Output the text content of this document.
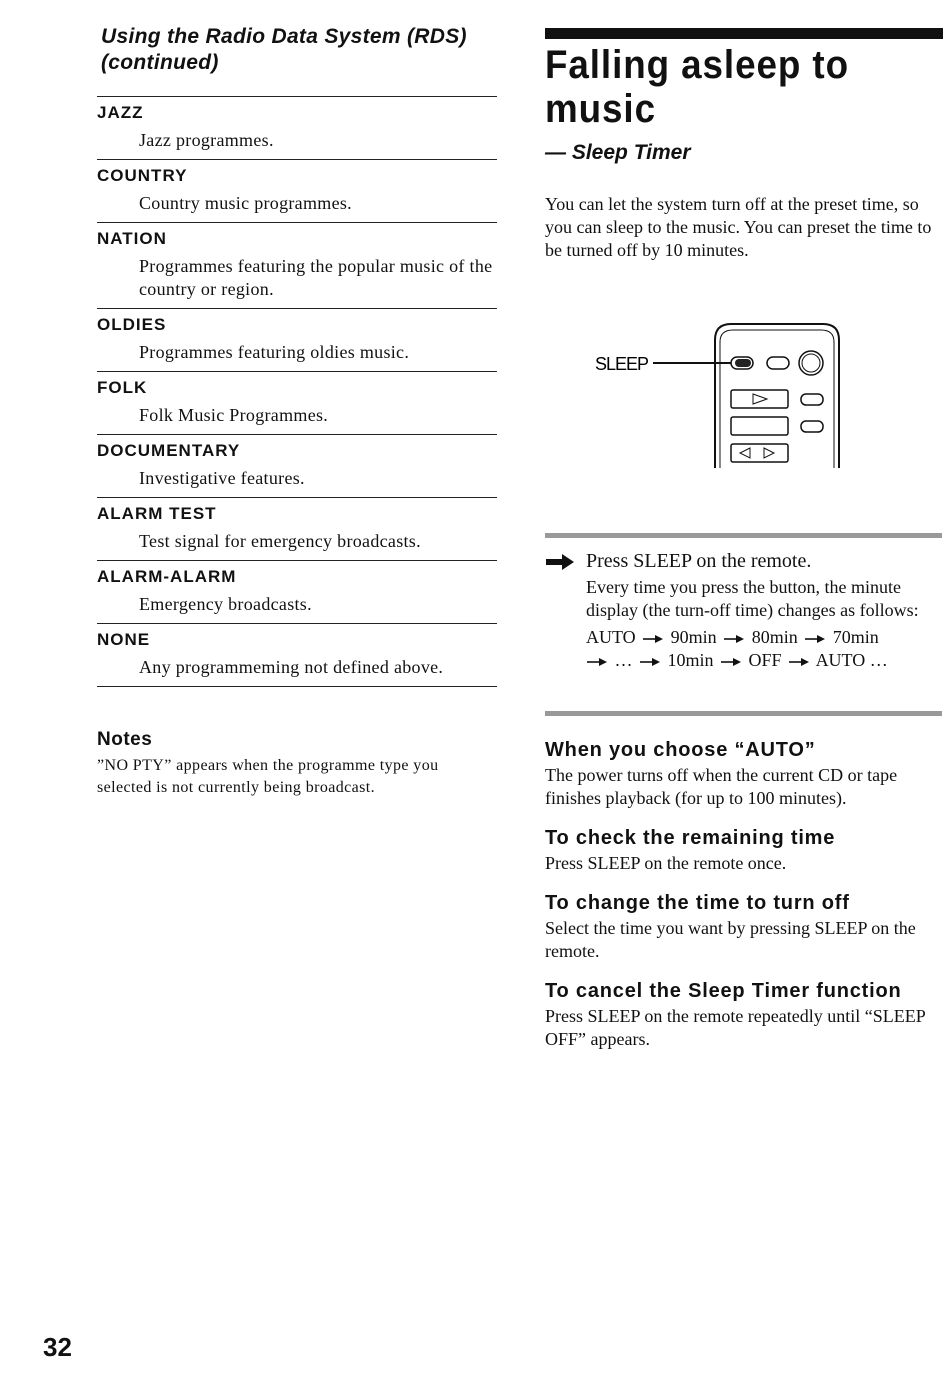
Using the Radio Data System (RDS) (continued)
JAZZ
Jazz programmes.
COUNTRY
Country music programmes.
NATION
Programmes featuring the popular music of the country or region.
OLDIES
Programmes featuring oldies music.
FOLK
Folk Music Programmes.
DOCUMENTARY
Investigative features.
ALARM TEST
Test signal for emergency broadcasts.
ALARM-ALARM
Emergency broadcasts.
NONE
Any programmeming not defined above.
Notes
”NO PTY” appears when the programme type you selected is not currently being broadcast.
Falling asleep to music
— Sleep Timer
You can let the system turn off at the preset time, so you can sleep to the music. You can preset the time to be turned off by 10 minutes.
SLEEP
Press SLEEP on the remote.
Every time you press the button, the minute display (the turn-off time) changes as follows:
AUTO 90min 80min 70min
… 10min OFF AUTO …
When you choose “AUTO”
The power turns off when the current CD or tape finishes playback (for up to 100 minutes).
To check the remaining time
Press SLEEP on the remote once.
To change the time to turn off
Select the time you want by pressing SLEEP on the remote.
To cancel the Sleep Timer function
Press SLEEP on the remote repeatedly until “SLEEP OFF” appears.
32
